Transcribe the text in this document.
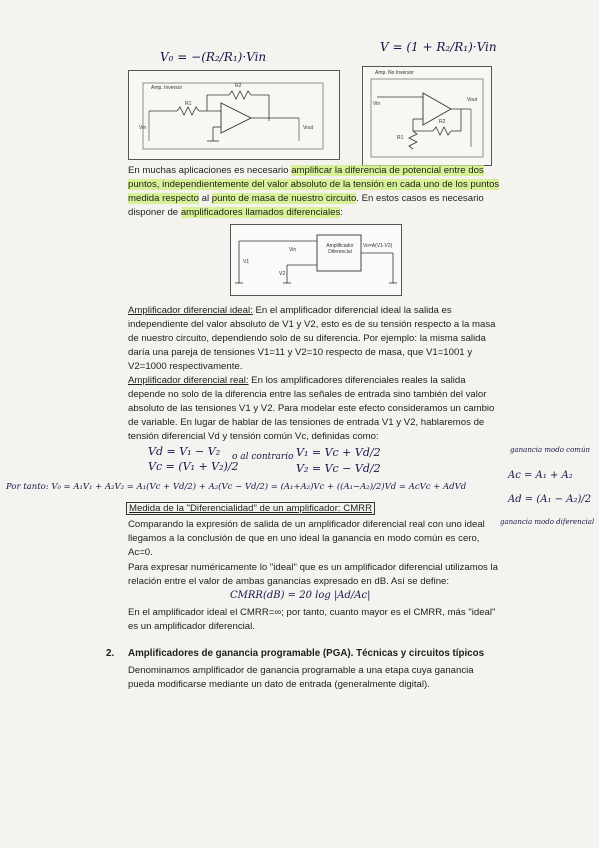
V₀ = −(R₂/R₁)·Vin
V = (1 + R₂/R₁)·Vin
Amp. Inversor
R1
R2
Vin	Vout
Amp. No Inversor
R1
R2
Vin
Vout

En muchas aplicaciones es necesario amplificar la diferencia de potencial entre dos puntos, independientemente del valor absoluto de la tensión en cada uno de los puntos medida respecto al punto de masa de nuestro circuito. En estos casos es necesario disponer de amplificadores llamados diferenciales:

Amplificador Diferencial
Vo=A(V1-V2)
Vin
V1
V2

Amplificador diferencial ideal: En el amplificador diferencial ideal la salida es independiente del valor absoluto de V1 y V2, esto es de su tensión respecto a la masa de nuestro circuito, dependiendo solo de su diferencia. Por ejemplo: la misma salida daría una pareja de tensiones V1=11 y V2=10 respecto de masa, que V1=1001 y V2=1000 respectivamente.

Amplificador diferencial real: En los amplificadores diferenciales reales la salida depende no solo de la diferencia entre las señales de entrada sino también del valor absoluto de las tensiones V1 y V2. Para modelar este efecto consideramos un cambio de variable. En lugar de hablar de las tensiones de entrada V1 y V2, hablaremos de tensión diferencial Vd y tensión común Vc, definidas como:

Vd = V₁ − V₂
Vc = (V₁ + V₂)/2
o al contrario V₁ = Vc + Vd/2
V₂ = Vc − Vd/2
Por tanto: V₀ = A₁V₁ + A₂V₂ = A₁(Vc + Vd/2) + A₂(Vc − Vd/2) = (A₁+A₂)Vc + ((A₁−A₂)/2)Vd = AcVc + AdVd
ganancia modo común
Ac = A₁ + A₂
Ad = (A₁ − A₂)/2
ganancia modo diferencial
Medida de la "Diferencialidad" de un amplificador: CMRR

Comparando la expresión de salida de un amplificador diferencial real con uno ideal llegamos a la conclusión de que en uno ideal la ganancia en modo común es cero, Ac=0.

Para expresar numéricamente lo "ideal" que es un amplificador diferencial utilizamos la relación entre el valor de ambas ganancias expresado en dB. Así se define:

CMRR(dB) = 20 log |Ad/Ac|

En el amplificador ideal el CMRR=∞; por tanto, cuanto mayor es el CMRR, más "ideal" es un amplificador diferencial.

2. Amplificadores de ganancia programable (PGA). Técnicas y circuitos típicos

Denominamos amplificador de ganancia programable a una etapa cuya ganancia pueda modificarse mediante un dato de entrada (generalmente digital).
